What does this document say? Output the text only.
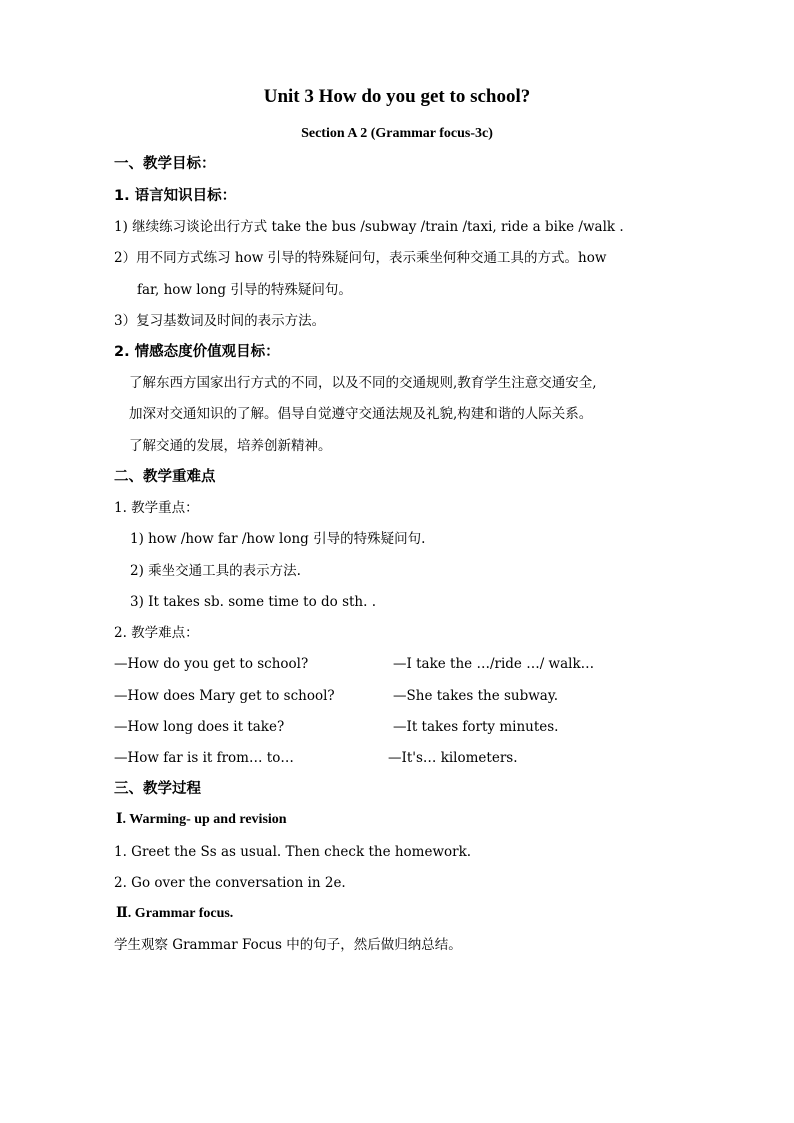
Unit 3 How do you get to school?
Section A 2 (Grammar focus-3c)
一、教学目标：
1. 语言知识目标：
1) 继续练习谈论出行方式 take the bus /subway /train /taxi, ride a bike /walk .
2）用不同方式练习 how 引导的特殊疑问句，表示乘坐何种交通工具的方式。how
far, how long 引导的特殊疑问句。
3）复习基数词及时间的表示方法。
2. 情感态度价值观目标：
了解东西方国家出行方式的不同，以及不同的交通规则,教育学生注意交通安全,
加深对交通知识的了解。倡导自觉遵守交通法规及礼貌,构建和谐的人际关系。
了解交通的发展，培养创新精神。
二、教学重难点
1. 教学重点：
1) how /how far /how long 引导的特殊疑问句.
2) 乘坐交通工具的表示方法.
3) It takes sb. some time to do sth. .
2. 教学难点：
—How do you get to school?	—I take the …/ride …/ walk…
—How does Mary get to school?	—She takes the subway.
—How long does it take?	—It takes forty minutes.
—How far is it from… to…	—It's… kilometers.
三、教学过程
Ⅰ. Warming- up and revision
1. Greet the Ss as usual. Then check the homework.
2. Go over the conversation in 2e.
Ⅱ. Grammar focus.
学生观察 Grammar Focus 中的句子，然后做归纳总结。
